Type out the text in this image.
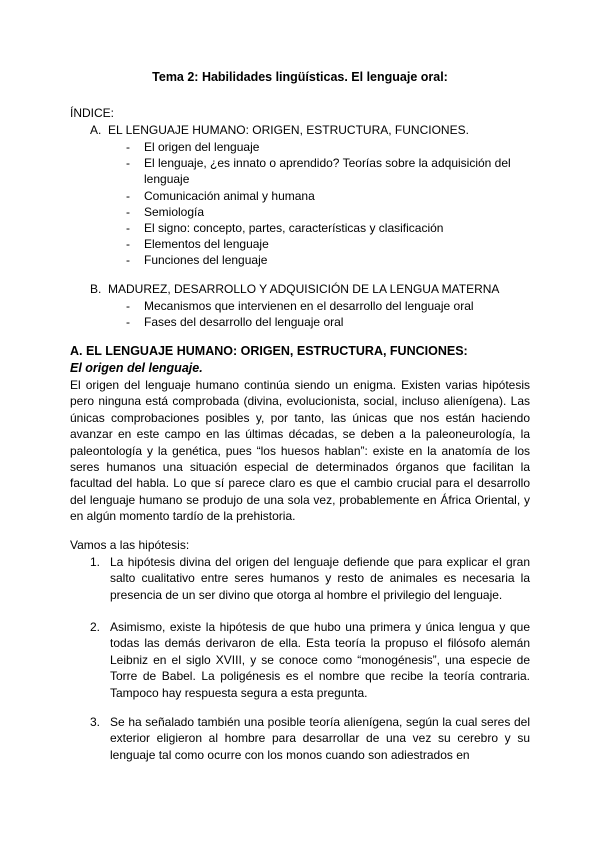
Tema 2: Habilidades lingüísticas. El lenguaje oral:
ÍNDICE:
A. EL LENGUAJE HUMANO: ORIGEN, ESTRUCTURA, FUNCIONES.
- El origen del lenguaje
- El lenguaje, ¿es innato o aprendido? Teorías sobre la adquisición del lenguaje
- Comunicación animal y humana
- Semiología
- El signo: concepto, partes, características y clasificación
- Elementos del lenguaje
- Funciones del lenguaje
B. MADUREZ, DESARROLLO Y ADQUISICIÓN DE LA LENGUA MATERNA
- Mecanismos que intervienen en el desarrollo del lenguaje oral
- Fases del desarrollo del lenguaje oral
A. EL LENGUAJE HUMANO: ORIGEN, ESTRUCTURA, FUNCIONES:
El origen del lenguaje.
El origen del lenguaje humano continúa siendo un enigma. Existen varias hipótesis pero ninguna está comprobada (divina, evolucionista, social, incluso alienígena). Las únicas comprobaciones posibles y, por tanto, las únicas que nos están haciendo avanzar en este campo en las últimas décadas, se deben a la paleoneurología, la paleontología y la genética, pues “los huesos hablan”: existe en la anatomía de los seres humanos una situación especial de determinados órganos que facilitan la facultad del habla. Lo que sí parece claro es que el cambio crucial para el desarrollo del lenguaje humano se produjo de una sola vez, probablemente en África Oriental, y en algún momento tardío de la prehistoria.
Vamos a las hipótesis:
1. La hipótesis divina del origen del lenguaje defiende que para explicar el gran salto cualitativo entre seres humanos y resto de animales es necesaria la presencia de un ser divino que otorga al hombre el privilegio del lenguaje.
2. Asimismo, existe la hipótesis de que hubo una primera y única lengua y que todas las demás derivaron de ella. Esta teoría la propuso el filósofo alemán Leibniz en el siglo XVIII, y se conoce como “monogénesis”, una especie de Torre de Babel. La poligénesis es el nombre que recibe la teoría contraria. Tampoco hay respuesta segura a esta pregunta.
3. Se ha señalado también una posible teoría alienígena, según la cual seres del exterior eligieron al hombre para desarrollar de una vez su cerebro y su lenguaje tal como ocurre con los monos cuando son adiestrados en
